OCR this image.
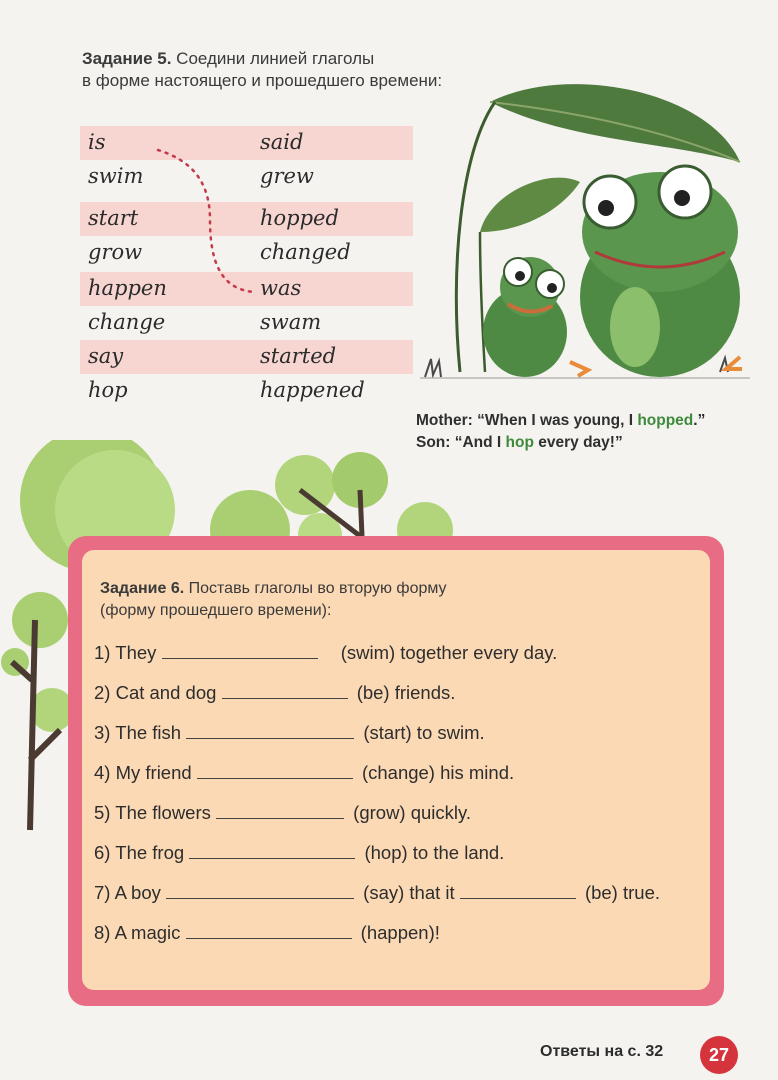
Задание 5. Соедини линией глаголы
в форме настоящего и прошедшего времени:
is	said
swim	grew
start	hopped
grow	changed
happen	was
change	swam
say	started
hop	happened
Mother: “When I was young, I hopped.”
Son: “And I hop every day!”
Задание 6. Поставь глаголы во вторую форму
(форму прошедшего времени):
1) They	(swim) together every day.
2) Cat and dog	(be) friends.
3) The fish	(start) to swim.
4) My friend	(change) his mind.
5) The flowers	(grow) quickly.
6) The frog	(hop) to the land.
7) A boy	(say) that it	(be) true.
8) A magic	(happen)!
Ответы на с. 32	27
